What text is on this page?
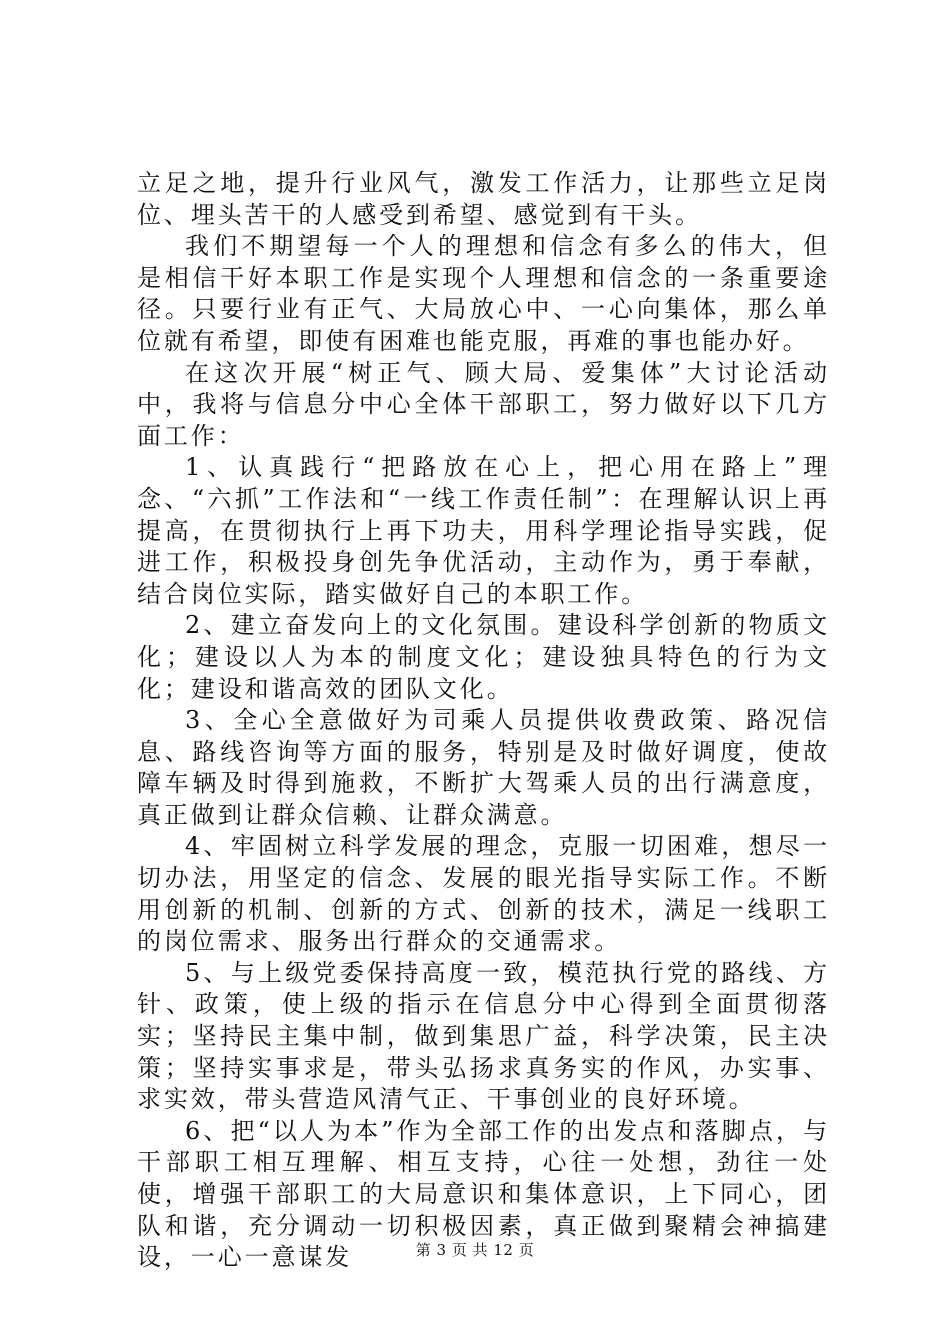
立足之地，提升行业风气，激发工作活力，让那些立足岗位、埋头苦干的人感受到希望、感觉到有干头。

我们不期望每一个人的理想和信念有多么的伟大，但是相信干好本职工作是实现个人理想和信念的一条重要途径。只要行业有正气、大局放心中、一心向集体，那么单位就有希望，即使有困难也能克服，再难的事也能办好。

在这次开展“树正气、顾大局、爱集体”大讨论活动中，我将与信息分中心全体干部职工，努力做好以下几方面工作：

1、认真践行“把路放在心上，把心用在路上”理念、“六抓”工作法和“一线工作责任制”：在理解认识上再提高，在贯彻执行上再下功夫，用科学理论指导实践，促进工作，积极投身创先争优活动，主动作为，勇于奉献，结合岗位实际，踏实做好自己的本职工作。

2、建立奋发向上的文化氛围。建设科学创新的物质文化；建设以人为本的制度文化；建设独具特色的行为文化；建设和谐高效的团队文化。

3、全心全意做好为司乘人员提供收费政策、路况信息、路线咨询等方面的服务，特别是及时做好调度，使故障车辆及时得到施救，不断扩大驾乘人员的出行满意度，真正做到让群众信赖、让群众满意。

4、牢固树立科学发展的理念，克服一切困难，想尽一切办法，用坚定的信念、发展的眼光指导实际工作。不断用创新的机制、创新的方式、创新的技术，满足一线职工的岗位需求、服务出行群众的交通需求。

5、与上级党委保持高度一致，模范执行党的路线、方针、政策，使上级的指示在信息分中心得到全面贯彻落实；坚持民主集中制，做到集思广益，科学决策，民主决策；坚持实事求是，带头弘扬求真务实的作风，办实事、求实效，带头营造风清气正、干事创业的良好环境。

6、把“以人为本”作为全部工作的出发点和落脚点，与干部职工相互理解、相互支持，心往一处想，劲往一处使，增强干部职工的大局意识和集体意识，上下同心，团队和谐，充分调动一切积极因素，真正做到聚精会神搞建设，一心一意谋发	第 3 页 共 12 页
